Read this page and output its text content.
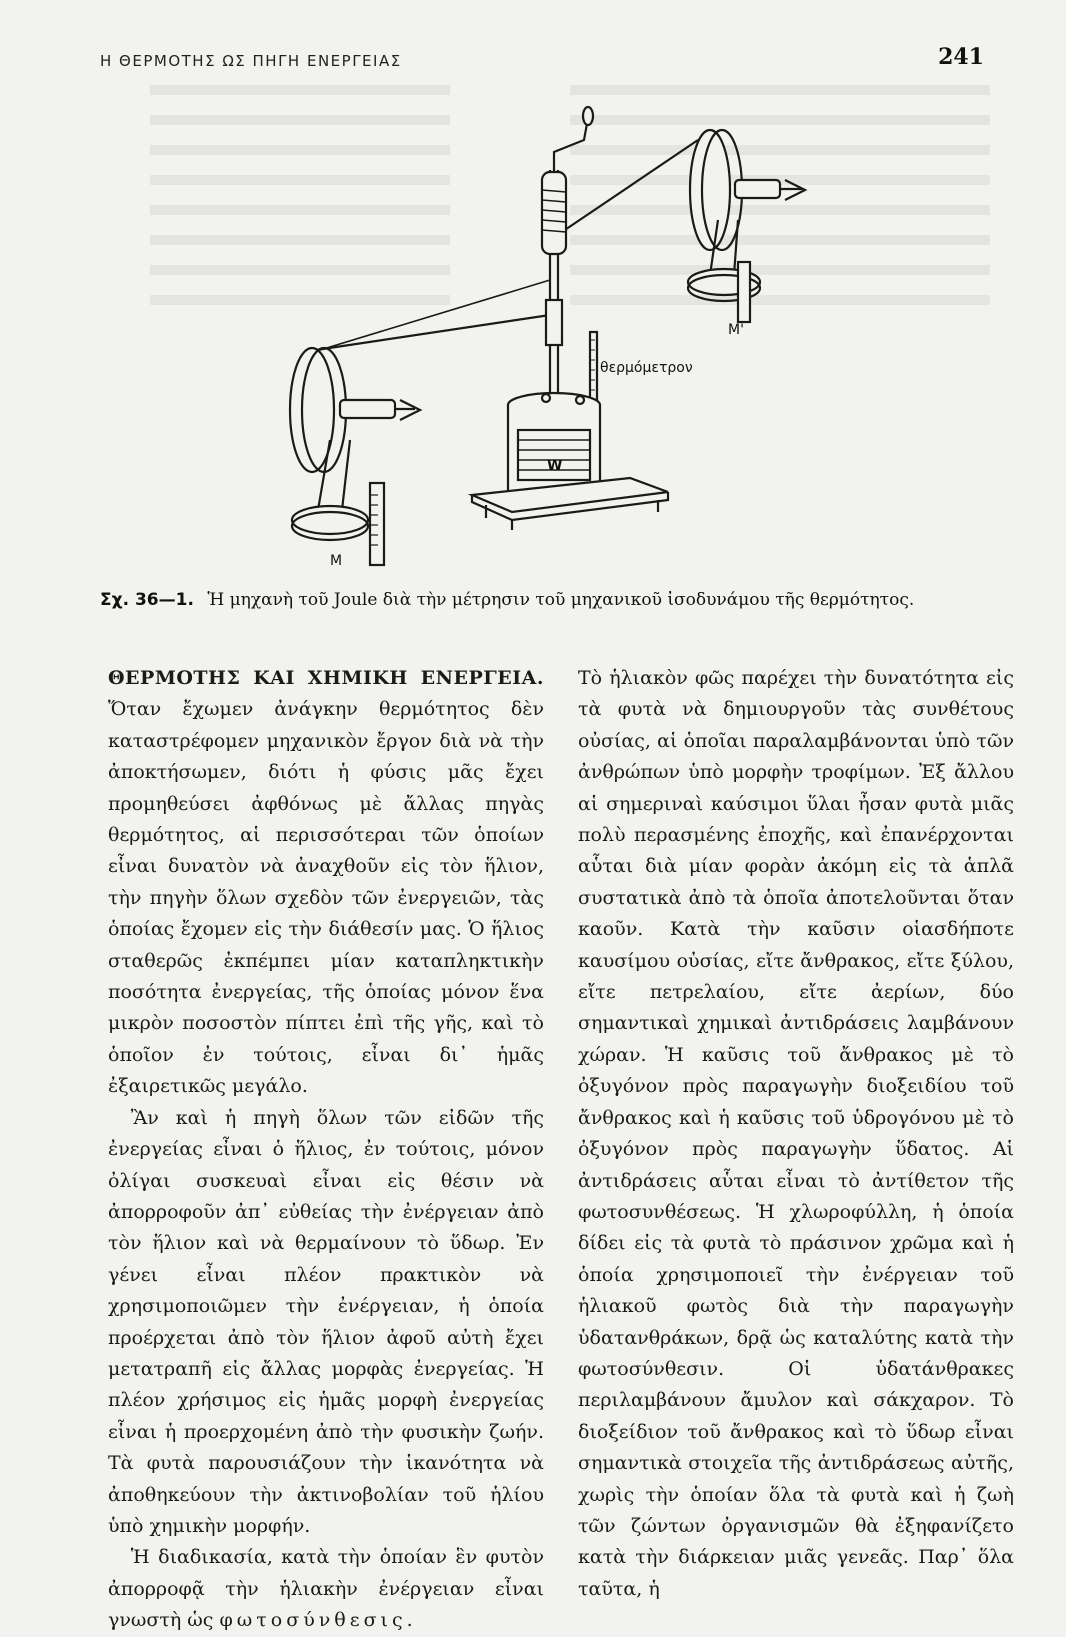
Η ΘΕΡΜΟΤΗΣ ΩΣ ΠΗΓΗ ΕΝΕΡΓΕΙΑΣ	241
M
M'
θερμόμετρον
W
Σχ. 36—1. Ἡ μηχανὴ τοῦ Joule διὰ τὴν μέτρησιν τοῦ μηχανικοῦ ἰσοδυνάμου τῆς θερμότητος.

ΘΕΡΜΟΤΗΣ ΚΑΙ ΧΗΜΙΚΗ ΕΝΕΡΓΕΙΑ. Ὅταν ἔχωμεν ἀνάγκην θερμότητος δὲν καταστρέφομεν μηχανικὸν ἔργον διὰ νὰ τὴν ἀποκτήσωμεν, διότι ἡ φύσις μᾶς ἔχει προμηθεύσει ἀφθόνως μὲ ἄλλας πηγὰς θερμότητος, αἱ περισσότεραι τῶν ὁποίων εἶναι δυνατὸν νὰ ἀναχθοῦν εἰς τὸν ἥλιον, τὴν πηγὴν ὅλων σχεδὸν τῶν ἐνεργειῶν, τὰς ὁποίας ἔχομεν εἰς τὴν διάθεσίν μας. Ὁ ἥλιος σταθερῶς ἐκπέμπει μίαν καταπληκτικὴν ποσότητα ἐνεργείας, τῆς ὁποίας μόνον ἕνα μικρὸν ποσοστὸν πίπτει ἐπὶ τῆς γῆς, καὶ τὸ ὁποῖον ἐν τούτοις, εἶναι δι᾽ ἡμᾶς ἐξαιρετικῶς μεγάλο.

Ἂν καὶ ἡ πηγὴ ὅλων τῶν εἰδῶν τῆς ἐνεργείας εἶναι ὁ ἥλιος, ἐν τούτοις, μόνον ὀλίγαι συσκευαὶ εἶναι εἰς θέσιν νὰ ἀπορροφοῦν ἀπ᾽ εὐθείας τὴν ἐνέργειαν ἀπὸ τὸν ἥλιον καὶ νὰ θερμαίνουν τὸ ὕδωρ. Ἐν γένει εἶναι πλέον πρακτικὸν νὰ χρησιμοποιῶμεν τὴν ἐνέργειαν, ἡ ὁποία προέρχεται ἀπὸ τὸν ἥλιον ἀφοῦ αὐτὴ ἔχει μετατραπῆ εἰς ἄλλας μορφὰς ἐνεργείας. Ἡ πλέον χρήσιμος εἰς ἡμᾶς μορφὴ ἐνεργείας εἶναι ἡ προερχομένη ἀπὸ τὴν φυσικὴν ζωήν. Τὰ φυτὰ παρουσιάζουν τὴν ἱκανότητα νὰ ἀποθηκεύουν τὴν ἀκτινοβολίαν τοῦ ἡλίου ὑπὸ χημικὴν μορφήν.

Ἡ διαδικασία, κατὰ τὴν ὁποίαν ἓν φυτὸν ἀπορροφᾷ τὴν ἡλιακὴν ἐνέργειαν εἶναι γνωστὴ ὡς φωτοσύνθεσις.

Τὸ ἡλιακὸν φῶς παρέχει τὴν δυνατότητα εἰς τὰ φυτὰ νὰ δημιουργοῦν τὰς συνθέτους οὐσίας, αἱ ὁποῖαι παραλαμβάνονται ὑπὸ τῶν ἀνθρώπων ὑπὸ μορφὴν τροφίμων. Ἐξ ἄλλου αἱ σημεριναὶ καύσιμοι ὕλαι ἦσαν φυτὰ μιᾶς πολὺ περασμένης ἐποχῆς, καὶ ἐπανέρχονται αὗται διὰ μίαν φορὰν ἀκόμη εἰς τὰ ἁπλᾶ συστατικὰ ἀπὸ τὰ ὁποῖα ἀποτελοῦνται ὅταν καοῦν. Κατὰ τὴν καῦσιν οἱασδήποτε καυσίμου οὐσίας, εἴτε ἄνθρακος, εἴτε ξύλου, εἴτε πετρελαίου, εἴτε ἀερίων, δύο σημαντικαὶ χημικαὶ ἀντιδράσεις λαμβάνουν χώραν. Ἡ καῦσις τοῦ ἄνθρακος μὲ τὸ ὀξυγόνον πρὸς παραγωγὴν διοξειδίου τοῦ ἄνθρακος καὶ ἡ καῦσις τοῦ ὑδρογόνου μὲ τὸ ὀξυγόνον πρὸς παραγωγὴν ὕδατος. Αἱ ἀντιδράσεις αὗται εἶναι τὸ ἀντίθετον τῆς φωτοσυνθέσεως. Ἡ χλωροφύλλη, ἡ ὁποία δίδει εἰς τὰ φυτὰ τὸ πράσινον χρῶμα καὶ ἡ ὁποία χρησιμοποιεῖ τὴν ἐνέργειαν τοῦ ἡλιακοῦ φωτὸς διὰ τὴν παραγωγὴν ὑδατανθράκων, δρᾷ ὡς καταλύτης κατὰ τὴν φωτοσύνθεσιν. Οἱ ὑδατάνθρακες περιλαμβάνουν ἄμυλον καὶ σάκχαρον. Τὸ διοξείδιον τοῦ ἄνθρακος καὶ τὸ ὕδωρ εἶναι σημαντικὰ στοιχεῖα τῆς ἀντιδράσεως αὐτῆς, χωρὶς τὴν ὁποίαν ὅλα τὰ φυτὰ καὶ ἡ ζωὴ τῶν ζώντων ὀργανισμῶν θὰ ἐξηφανίζετο κατὰ τὴν διάρκειαν μιᾶς γενεᾶς. Παρ᾽ ὅλα ταῦτα, ἡ
